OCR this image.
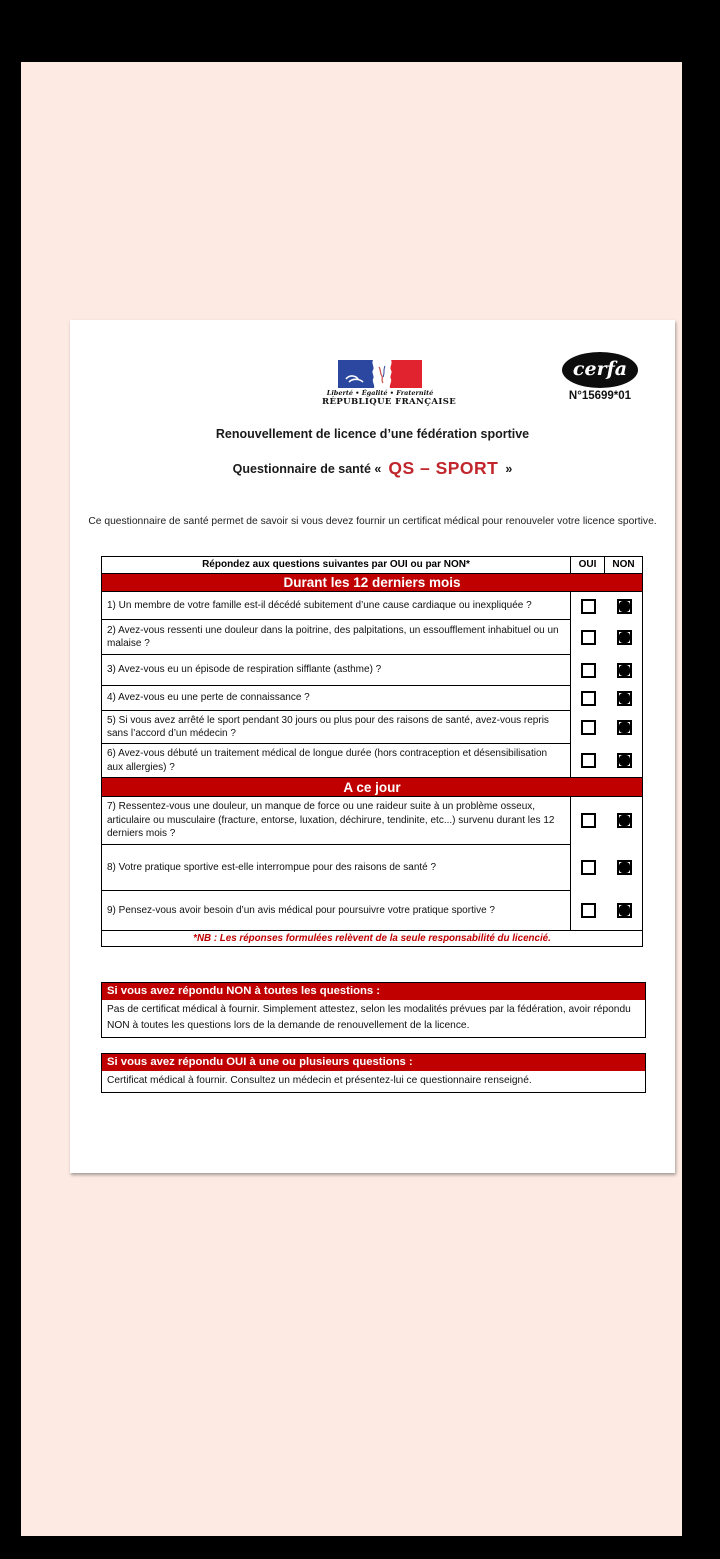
Liberté • Égalité • Fraternité
RÉPUBLIQUE FRANÇAISE
cerfa
N°15699*01
Renouvellement de licence d’une fédération sportive
Questionnaire de santé « QS – SPORT »
Ce questionnaire de santé permet de savoir si vous devez fournir un certificat médical pour renouveler votre licence sportive.
Répondez aux questions suivantes par OUI ou par NON*	OUI	NON
Durant les 12 derniers mois
1) Un membre de votre famille est-il décédé subitement d’une cause cardiaque ou inexpliquée ?
2) Avez-vous ressenti une douleur dans la poitrine, des palpitations, un essoufflement inhabituel ou un malaise ?
3) Avez-vous eu un épisode de respiration sifflante (asthme) ?
4) Avez-vous eu une perte de connaissance ?
5) Si vous avez arrêté le sport pendant 30 jours ou plus pour des raisons de santé, avez-vous repris sans l’accord d’un médecin ?
6) Avez-vous débuté un traitement médical de longue durée (hors contraception et désensibilisation aux allergies) ?
A ce jour
7) Ressentez-vous une douleur, un manque de force ou une raideur suite à un problème osseux, articulaire ou musculaire (fracture, entorse, luxation, déchirure, tendinite, etc...) survenu durant les 12 derniers mois ?
8) Votre pratique sportive est-elle interrompue pour des raisons de santé ?
9) Pensez-vous avoir besoin d’un avis médical pour poursuivre votre pratique sportive ?
*NB : Les réponses formulées relèvent de la seule responsabilité du licencié.
Si vous avez répondu NON à toutes les questions :
Pas de certificat médical à fournir. Simplement attestez, selon les modalités prévues par la fédération, avoir répondu NON à toutes les questions lors de la demande de renouvellement de la licence.
Si vous avez répondu OUI à une ou plusieurs questions :
Certificat médical à fournir. Consultez un médecin et présentez-lui ce questionnaire renseigné.
